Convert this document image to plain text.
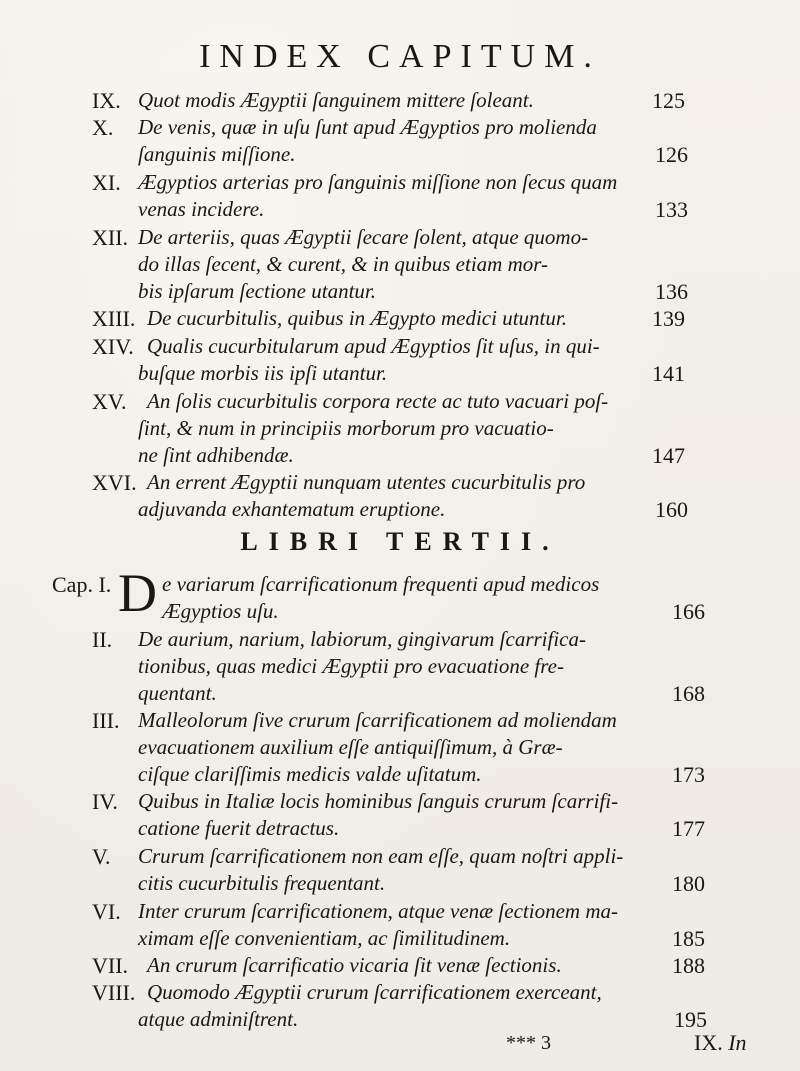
INDEX CAPITUM.
IX. Quot modis Ægyptii ſanguinem mittere ſoleant.	125
X. De venis, quæ in uſu ſunt apud Ægyptios pro molienda
ſanguinis miſſione.	126
XI. Ægyptios arterias pro ſanguinis miſſione non ſecus quam
venas incidere.	133
XII. De arteriis, quas Ægyptii ſecare ſolent, atque quomo-
do illas ſecent, & curent, & in quibus etiam mor-
bis ipſarum ſectione utantur.	136
XIII. De cucurbitulis, quibus in Ægypto medici utuntur.	139
XIV. Qualis cucurbitularum apud Ægyptios ſit uſus, in qui-
buſque morbis iis ipſi utantur.	141
XV. An ſolis cucurbitulis corpora recte ac tuto vacuari poſ-
ſint, & num in principiis morborum pro vacuatio-
ne ſint adhibendæ.	147
XVI. An errent Ægyptii nunquam utentes cucurbitulis pro
adjuvanda exhantematum eruptione.	160
LIBRI TERTII.
Cap. I. D e variarum ſcarrificationum frequenti apud medicos
Ægyptios uſu.	166
II. De aurium, narium, labiorum, gingivarum ſcarrifica-
tionibus, quas medici Ægyptii pro evacuatione fre-
quentant.	168
III. Malleolorum ſive crurum ſcarrificationem ad moliendam
evacuationem auxilium eſſe antiquiſſimum, à Græ-
ciſque clariſſimis medicis valde uſitatum.	173
IV. Quibus in Italiæ locis hominibus ſanguis crurum ſcarrifi-
catione fuerit detractus.	177
V. Crurum ſcarrificationem non eam eſſe, quam noſtri appli-
citis cucurbitulis frequentant.	180
VI. Inter crurum ſcarrificationem, atque venæ ſectionem ma-
ximam eſſe convenientiam, ac ſimilitudinem.	185
VII. An crurum ſcarrificatio vicaria ſit venæ ſectionis.	188
VIII. Quomodo Ægyptii crurum ſcarrificationem exerceant,
atque adminiſtrent.	195
*** 3	IX. In
